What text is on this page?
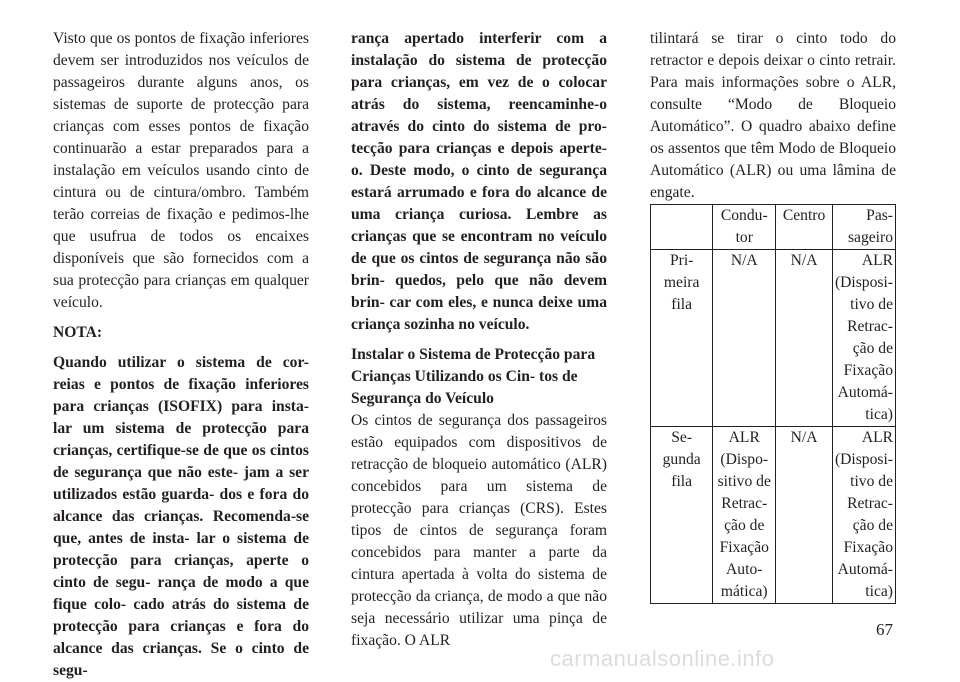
Visto que os pontos de fixação inferiores devem ser introduzidos nos veículos de passageiros durante alguns anos, os sistemas de suporte de protecção para crianças com esses pontos de fixação continuarão a estar preparados para a instalação em veículos usando cinto de cintura ou de cintura/ombro. Também terão correias de fixação e pedimos-lhe que usufrua de todos os encaixes disponíveis que são fornecidos com a sua protecção para crianças em qualquer veículo.

NOTA:

Quando utilizar o sistema de cor- reias e pontos de fixação inferiores para crianças (ISOFIX) para insta- lar um sistema de protecção para crianças, certifique-se de que os cintos de segurança que não este- jam a ser utilizados estão guarda- dos e fora do alcance das crianças. Recomenda-se que, antes de insta- lar o sistema de protecção para crianças, aperte o cinto de segu- rança de modo a que fique colo- cado atrás do sistema de protecção para crianças e fora do alcance das crianças. Se o cinto de segu-

rança apertado interferir com a instalação do sistema de protecção para crianças, em vez de o colocar atrás do sistema, reencaminhe-o através do cinto do sistema de pro- tecção para crianças e depois aperte-o. Deste modo, o cinto de segurança estará arrumado e fora do alcance de uma criança curiosa. Lembre as crianças que se encontram no veículo de que os cintos de segurança não são brin- quedos, pelo que não devem brin- car com eles, e nunca deixe uma criança sozinha no veículo.

Instalar o Sistema de Protecção para Crianças Utilizando os Cin- tos de Segurança do Veículo

Os cintos de segurança dos passageiros estão equipados com dispositivos de retracção de bloqueio automático (ALR) concebidos para um sistema de protecção para crianças (CRS). Estes tipos de cintos de segurança foram concebidos para manter a parte da cintura apertada à volta do sistema de protecção da criança, de modo a que não seja necessário utilizar uma pinça de fixação. O ALR

tilintará se tirar o cinto todo do retractor e depois deixar o cinto retrair. Para mais informações sobre o ALR, consulte “Modo de Bloqueio Automático”. O quadro abaixo define os assentos que têm Modo de Bloqueio Automático (ALR) ou uma lâmina de engate.

	Condu- tor	Centro	Pas- sageiro
Pri- meira fila	N/A	N/A	ALR (Disposi- tivo de Retrac- ção de Fixação Automá- tica)
Se- gunda fila	ALR (Dispo- sitivo de Retrac- ção de Fixação Auto- mática)	N/A	ALR (Disposi- tivo de Retrac- ção de Fixação Automá- tica)
67
carmanualsonline.info
